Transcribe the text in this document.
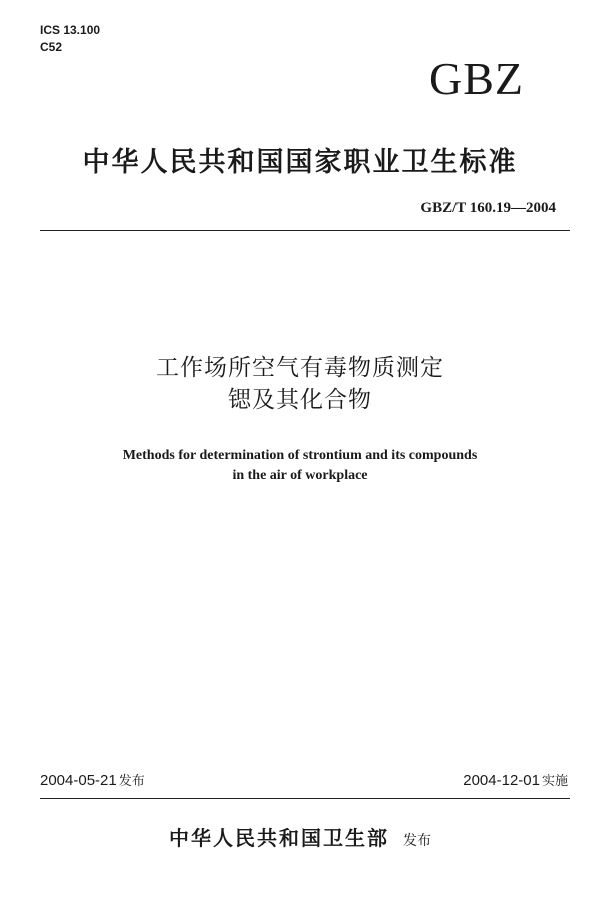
ICS 13.100
C52
GBZ
中华人民共和国国家职业卫生标准
GBZ/T 160.19—2004
工作场所空气有毒物质测定
锶及其化合物
Methods for determination of strontium and its compounds
in the air of workplace
2004-05-21 发布	2004-12-01 实施
中华人民共和国卫生部 发布
